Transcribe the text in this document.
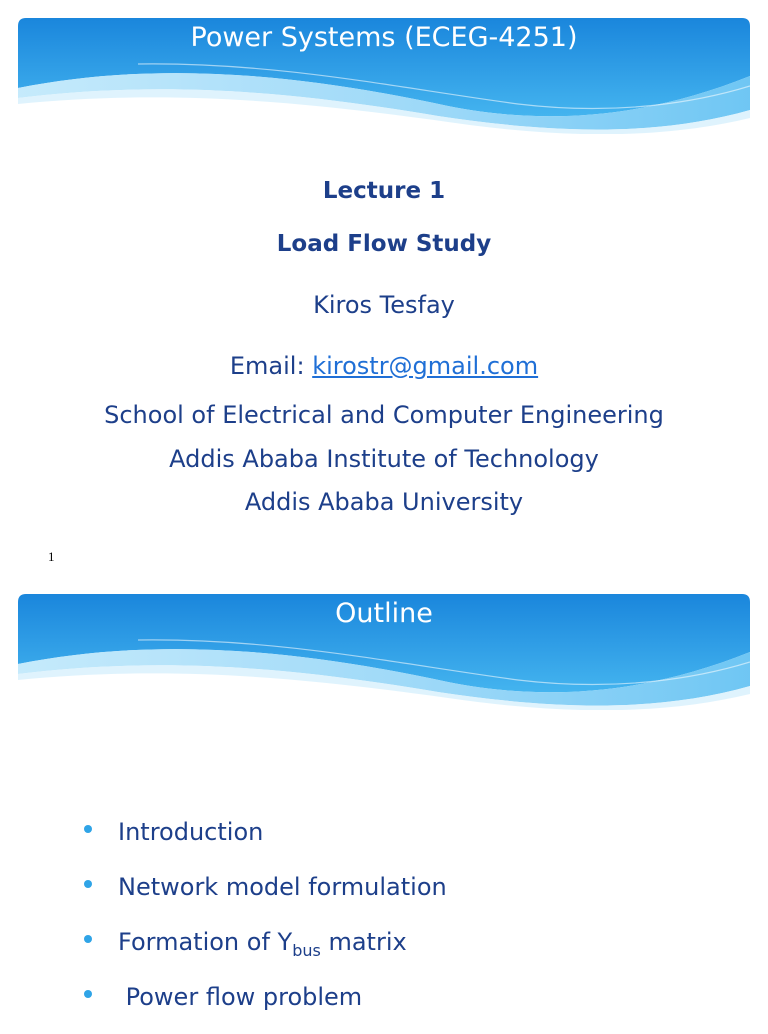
Power Systems (ECEG-4251)
Lecture 1
Load Flow Study
Kiros Tesfay
Email: kirostr@gmail.com
School of Electrical and Computer Engineering
Addis Ababa Institute of Technology
Addis Ababa University
1
Outline
Introduction
Network model formulation
Formation of $Y_{bus}$ matrix
Power flow problem
